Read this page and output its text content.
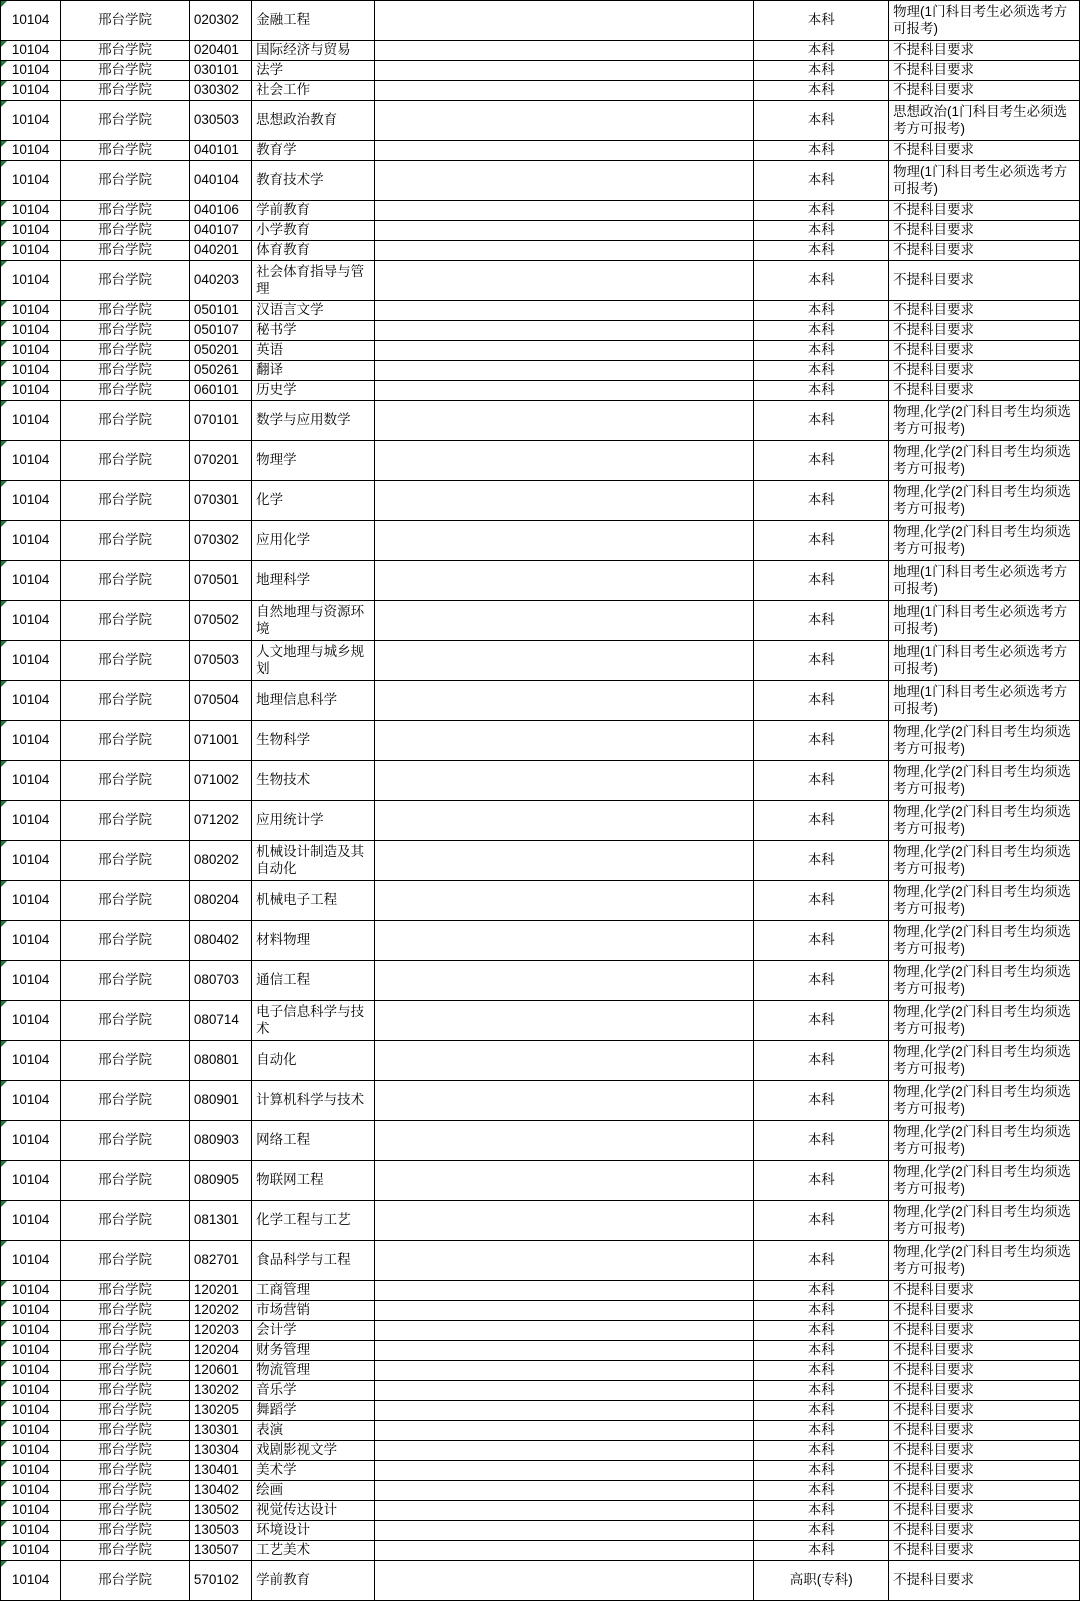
10104	邢台学院	020302	金融工程		本科	物理(1门科目考生必须选考方可报考)
10104	邢台学院	020401	国际经济与贸易		本科	不提科目要求
10104	邢台学院	030101	法学		本科	不提科目要求
10104	邢台学院	030302	社会工作		本科	不提科目要求
10104	邢台学院	030503	思想政治教育		本科	思想政治(1门科目考生必须选考方可报考)
10104	邢台学院	040101	教育学		本科	不提科目要求
10104	邢台学院	040104	教育技术学		本科	物理(1门科目考生必须选考方可报考)
10104	邢台学院	040106	学前教育		本科	不提科目要求
10104	邢台学院	040107	小学教育		本科	不提科目要求
10104	邢台学院	040201	体育教育		本科	不提科目要求
10104	邢台学院	040203	社会体育指导与管理		本科	不提科目要求
10104	邢台学院	050101	汉语言文学		本科	不提科目要求
10104	邢台学院	050107	秘书学		本科	不提科目要求
10104	邢台学院	050201	英语		本科	不提科目要求
10104	邢台学院	050261	翻译		本科	不提科目要求
10104	邢台学院	060101	历史学		本科	不提科目要求
10104	邢台学院	070101	数学与应用数学		本科	物理,化学(2门科目考生均须选考方可报考)
10104	邢台学院	070201	物理学		本科	物理,化学(2门科目考生均须选考方可报考)
10104	邢台学院	070301	化学		本科	物理,化学(2门科目考生均须选考方可报考)
10104	邢台学院	070302	应用化学		本科	物理,化学(2门科目考生均须选考方可报考)
10104	邢台学院	070501	地理科学		本科	地理(1门科目考生必须选考方可报考)
10104	邢台学院	070502	自然地理与资源环境		本科	地理(1门科目考生必须选考方可报考)
10104	邢台学院	070503	人文地理与城乡规划		本科	地理(1门科目考生必须选考方可报考)
10104	邢台学院	070504	地理信息科学		本科	地理(1门科目考生必须选考方可报考)
10104	邢台学院	071001	生物科学		本科	物理,化学(2门科目考生均须选考方可报考)
10104	邢台学院	071002	生物技术		本科	物理,化学(2门科目考生均须选考方可报考)
10104	邢台学院	071202	应用统计学		本科	物理,化学(2门科目考生均须选考方可报考)
10104	邢台学院	080202	机械设计制造及其自动化		本科	物理,化学(2门科目考生均须选考方可报考)
10104	邢台学院	080204	机械电子工程		本科	物理,化学(2门科目考生均须选考方可报考)
10104	邢台学院	080402	材料物理		本科	物理,化学(2门科目考生均须选考方可报考)
10104	邢台学院	080703	通信工程		本科	物理,化学(2门科目考生均须选考方可报考)
10104	邢台学院	080714	电子信息科学与技术		本科	物理,化学(2门科目考生均须选考方可报考)
10104	邢台学院	080801	自动化		本科	物理,化学(2门科目考生均须选考方可报考)
10104	邢台学院	080901	计算机科学与技术		本科	物理,化学(2门科目考生均须选考方可报考)
10104	邢台学院	080903	网络工程		本科	物理,化学(2门科目考生均须选考方可报考)
10104	邢台学院	080905	物联网工程		本科	物理,化学(2门科目考生均须选考方可报考)
10104	邢台学院	081301	化学工程与工艺		本科	物理,化学(2门科目考生均须选考方可报考)
10104	邢台学院	082701	食品科学与工程		本科	物理,化学(2门科目考生均须选考方可报考)
10104	邢台学院	120201	工商管理		本科	不提科目要求
10104	邢台学院	120202	市场营销		本科	不提科目要求
10104	邢台学院	120203	会计学		本科	不提科目要求
10104	邢台学院	120204	财务管理		本科	不提科目要求
10104	邢台学院	120601	物流管理		本科	不提科目要求
10104	邢台学院	130202	音乐学		本科	不提科目要求
10104	邢台学院	130205	舞蹈学		本科	不提科目要求
10104	邢台学院	130301	表演		本科	不提科目要求
10104	邢台学院	130304	戏剧影视文学		本科	不提科目要求
10104	邢台学院	130401	美术学		本科	不提科目要求
10104	邢台学院	130402	绘画		本科	不提科目要求
10104	邢台学院	130502	视觉传达设计		本科	不提科目要求
10104	邢台学院	130503	环境设计		本科	不提科目要求
10104	邢台学院	130507	工艺美术		本科	不提科目要求
10104	邢台学院	570102	学前教育		高职(专科)	不提科目要求
